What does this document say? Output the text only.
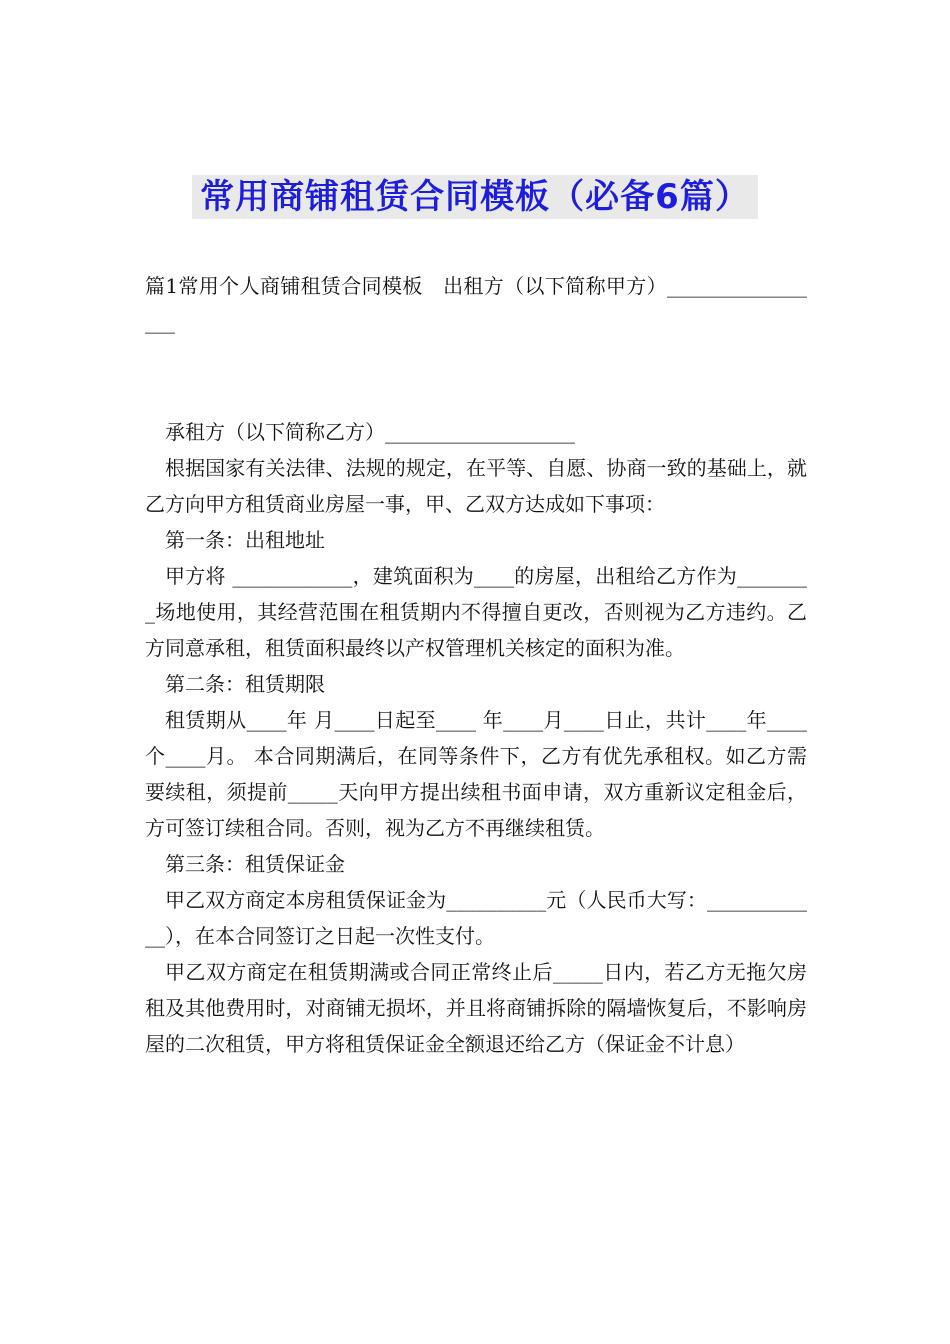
常用商铺租赁合同模板（必备6篇）

篇1常用个人商铺租赁合同模板　出租方（以下简称甲方）_________________

承租方（以下简称乙方）___________________

根据国家有关法律、法规的规定，在平等、自愿、协商一致的基础上，就乙方向甲方租赁商业房屋一事，甲、乙双方达成如下事项：

第一条：出租地址

甲方将 ____________，建筑面积为____的房屋，出租给乙方作为________场地使用，其经营范围在租赁期内不得擅自更改，否则视为乙方违约。乙方同意承租，租赁面积最终以产权管理机关核定的面积为准。

第二条：租赁期限

租赁期从____年 月____日起至____ 年____月____日止，共计____年____个____月。 本合同期满后，在同等条件下，乙方有优先承租权。如乙方需要续租，须提前_____天向甲方提出续租书面申请，双方重新议定租金后，方可签订续租合同。否则，视为乙方不再继续租赁。

第三条：租赁保证金

甲乙双方商定本房租赁保证金为__________元（人民币大写：____________），在本合同签订之日起一次性支付。

甲乙双方商定在租赁期满或合同正常终止后_____日内，若乙方无拖欠房租及其他费用时，对商铺无损坏，并且将商铺拆除的隔墙恢复后，不影响房屋的二次租赁，甲方将租赁保证金全额退还给乙方（保证金不计息）
